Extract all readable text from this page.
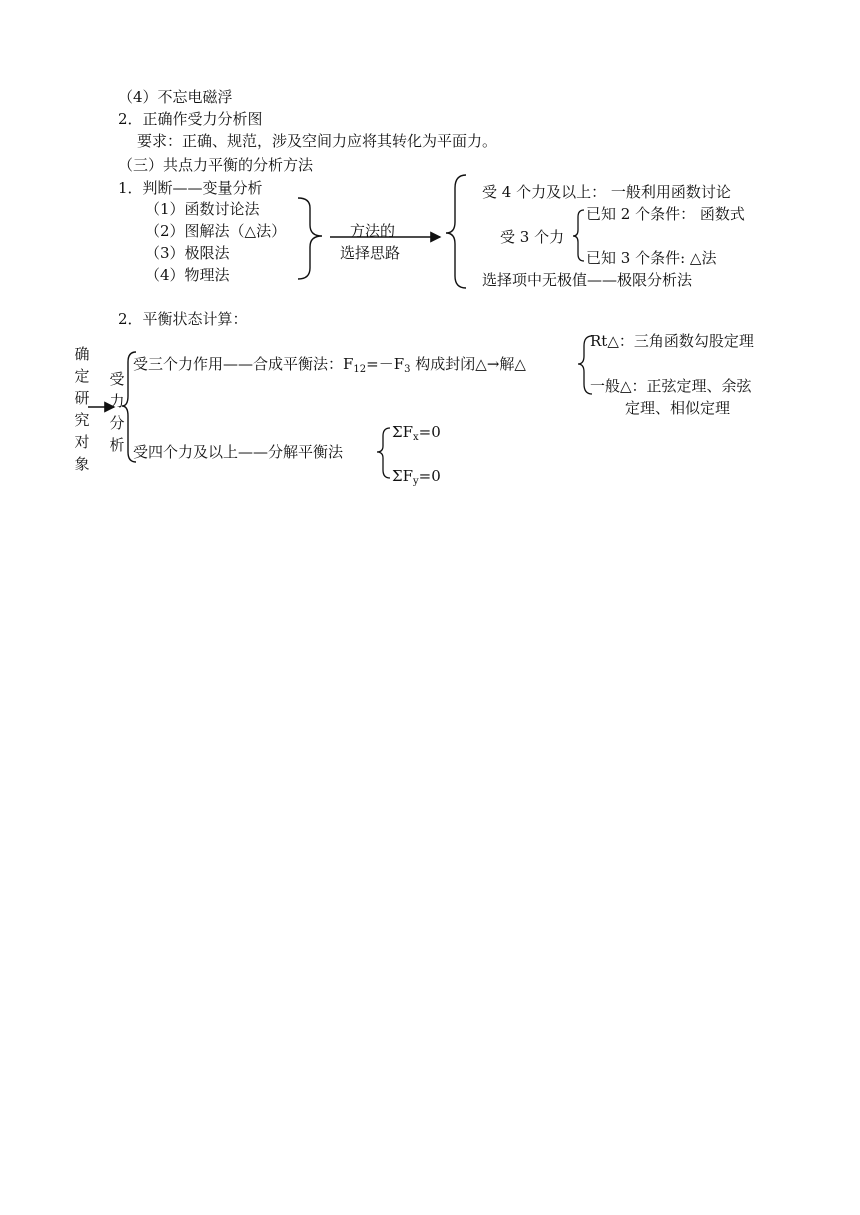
（4）不忘电磁浮
2．正确作受力分析图
要求：正确、规范，涉及空间力应将其转化为平面力。
（三）共点力平衡的分析方法
1．判断——变量分析
（1）函数讨论法
（2）图解法（△法）
（3）极限法
（4）物理法
方法的
选择思路
受 4 个力及以上： 一般利用函数讨论
受 3 个力
已知 2 个条件： 函数式
已知 3 个条件: △法
选择项中无极值——极限分析法
2．平衡状态计算：
确
定
研
究
对
象
受
力
分
析
受三个力作用——合成平衡法：$F_{12}=-F_3$ 构成封闭△→解△
Rt△：三角函数勾股定理
一般△：正弦定理、余弦
定理、相似定理
受四个力及以上——分解平衡法
$\Sigma F_x=0$
$\Sigma F_y=0$
